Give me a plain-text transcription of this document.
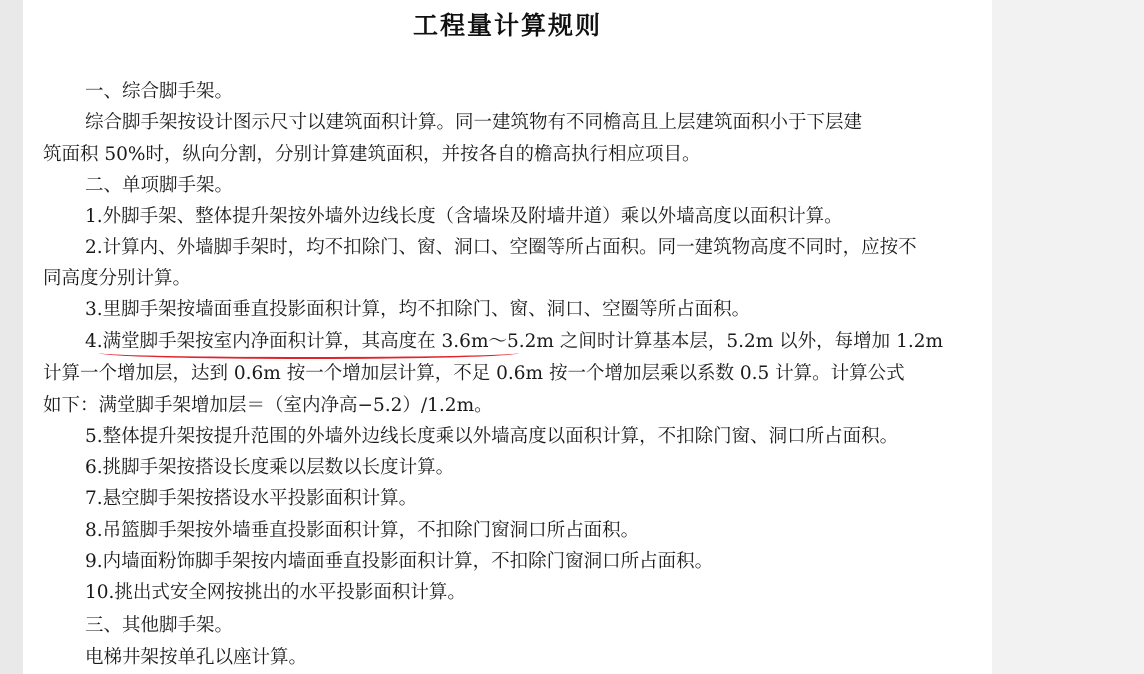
工程量计算规则
一、综合脚手架。
综合脚手架按设计图示尺寸以建筑面积计算。同一建筑物有不同檐高且上层建筑面积小于下层建
筑面积 50%时，纵向分割，分别计算建筑面积，并按各自的檐高执行相应项目。
二、单项脚手架。
1.外脚手架、整体提升架按外墙外边线长度（含墙垛及附墙井道）乘以外墙高度以面积计算。
2.计算内、外墙脚手架时，均不扣除门、窗、洞口、空圈等所占面积。同一建筑物高度不同时，应按不
同高度分别计算。
3.里脚手架按墙面垂直投影面积计算，均不扣除门、窗、洞口、空圈等所占面积。
4.满堂脚手架按室内净面积计算，其高度在 3.6m～5.2m 之间时计算基本层，5.2m 以外，每增加 1.2m
计算一个增加层，达到 0.6m 按一个增加层计算，不足 0.6m 按一个增加层乘以系数 0.5 计算。计算公式
如下：满堂脚手架增加层＝（室内净高−5.2）/1.2m。
5.整体提升架按提升范围的外墙外边线长度乘以外墙高度以面积计算，不扣除门窗、洞口所占面积。
6.挑脚手架按搭设长度乘以层数以长度计算。
7.悬空脚手架按搭设水平投影面积计算。
8.吊篮脚手架按外墙垂直投影面积计算，不扣除门窗洞口所占面积。
9.内墙面粉饰脚手架按内墙面垂直投影面积计算，不扣除门窗洞口所占面积。
10.挑出式安全网按挑出的水平投影面积计算。
三、其他脚手架。
电梯井架按单孔以座计算。
